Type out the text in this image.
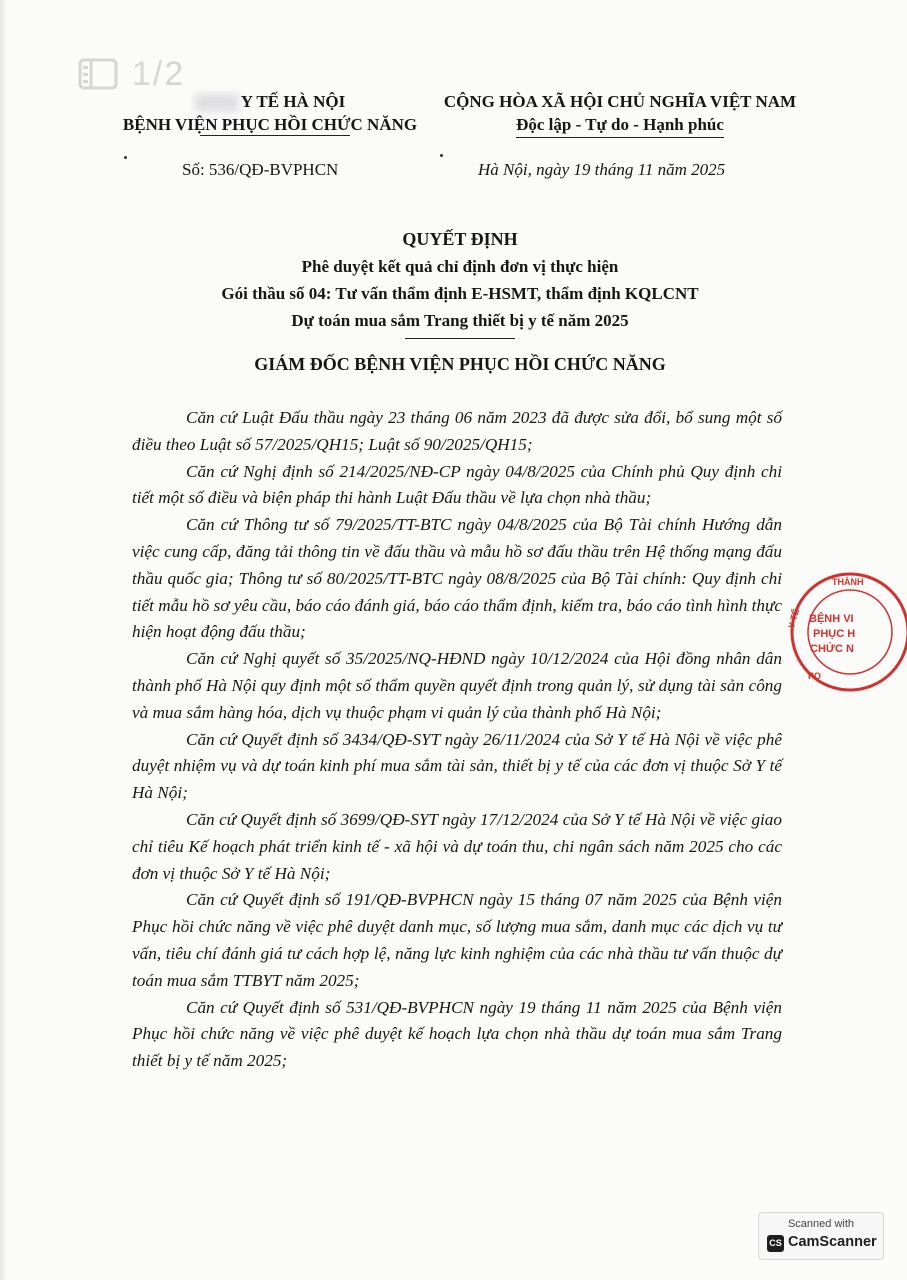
1/2
Y TẾ HÀ NỘI
BỆNH VIỆN PHỤC HỒI CHỨC NĂNG
CỘNG HÒA XÃ HỘI CHỦ NGHĨA VIỆT NAM
Độc lập - Tự do - Hạnh phúc
Số: 536/QĐ-BVPHCN	Hà Nội, ngày 19 tháng 11 năm 2025
QUYẾT ĐỊNH
Phê duyệt kết quả chỉ định đơn vị thực hiện
Gói thầu số 04: Tư vấn thẩm định E-HSMT, thẩm định KQLCNT
Dự toán mua sắm Trang thiết bị y tế năm 2025
GIÁM ĐỐC BỆNH VIỆN PHỤC HỒI CHỨC NĂNG

Căn cứ Luật Đấu thầu ngày 23 tháng 06 năm 2023 đã được sửa đổi, bổ sung một số điều theo Luật số 57/2025/QH15; Luật số 90/2025/QH15;

Căn cứ Nghị định số 214/2025/NĐ-CP ngày 04/8/2025 của Chính phủ Quy định chi tiết một số điều và biện pháp thi hành Luật Đấu thầu về lựa chọn nhà thầu;

Căn cứ Thông tư số 79/2025/TT-BTC ngày 04/8/2025 của Bộ Tài chính Hướng dẫn việc cung cấp, đăng tải thông tin về đấu thầu và mẫu hồ sơ đấu thầu trên Hệ thống mạng đấu thầu quốc gia; Thông tư số 80/2025/TT-BTC ngày 08/8/2025 của Bộ Tài chính: Quy định chi tiết mẫu hồ sơ yêu cầu, báo cáo đánh giá, báo cáo thẩm định, kiểm tra, báo cáo tình hình thực hiện hoạt động đấu thầu;

Căn cứ Nghị quyết số 35/2025/NQ-HĐND ngày 10/12/2024 của Hội đồng nhân dân thành phố Hà Nội quy định một số thẩm quyền quyết định trong quản lý, sử dụng tài sản công và mua sắm hàng hóa, dịch vụ thuộc phạm vi quản lý của thành phố Hà Nội;

Căn cứ Quyết định số 3434/QĐ-SYT ngày 26/11/2024 của Sở Y tế Hà Nội về việc phê duyệt nhiệm vụ và dự toán kinh phí mua sắm tài sản, thiết bị y tế của các đơn vị thuộc Sở Y tế Hà Nội;

Căn cứ Quyết định số 3699/QĐ-SYT ngày 17/12/2024 của Sở Y tế Hà Nội về việc giao chỉ tiêu Kế hoạch phát triển kinh tế - xã hội và dự toán thu, chi ngân sách năm 2025 cho các đơn vị thuộc Sở Y tế Hà Nội;

Căn cứ Quyết định số 191/QĐ-BVPHCN ngày 15 tháng 07 năm 2025 của Bệnh viện Phục hồi chức năng về việc phê duyệt danh mục, số lượng mua sắm, danh mục các dịch vụ tư vấn, tiêu chí đánh giá tư cách hợp lệ, năng lực kinh nghiệm của các nhà thầu tư vấn thuộc dự toán mua sắm TTBYT năm 2025;

Căn cứ Quyết định số 531/QĐ-BVPHCN ngày 19 tháng 11 năm 2025 của Bệnh viện Phục hồi chức năng về việc phê duyệt kế hoạch lựa chọn nhà thầu dự toán mua sắm Trang thiết bị y tế năm 2025;

THÀNH
Y TẾ BỆNH VI
PHỤC H
CHỨC N
PO
Scanned with
CS CamScanner
